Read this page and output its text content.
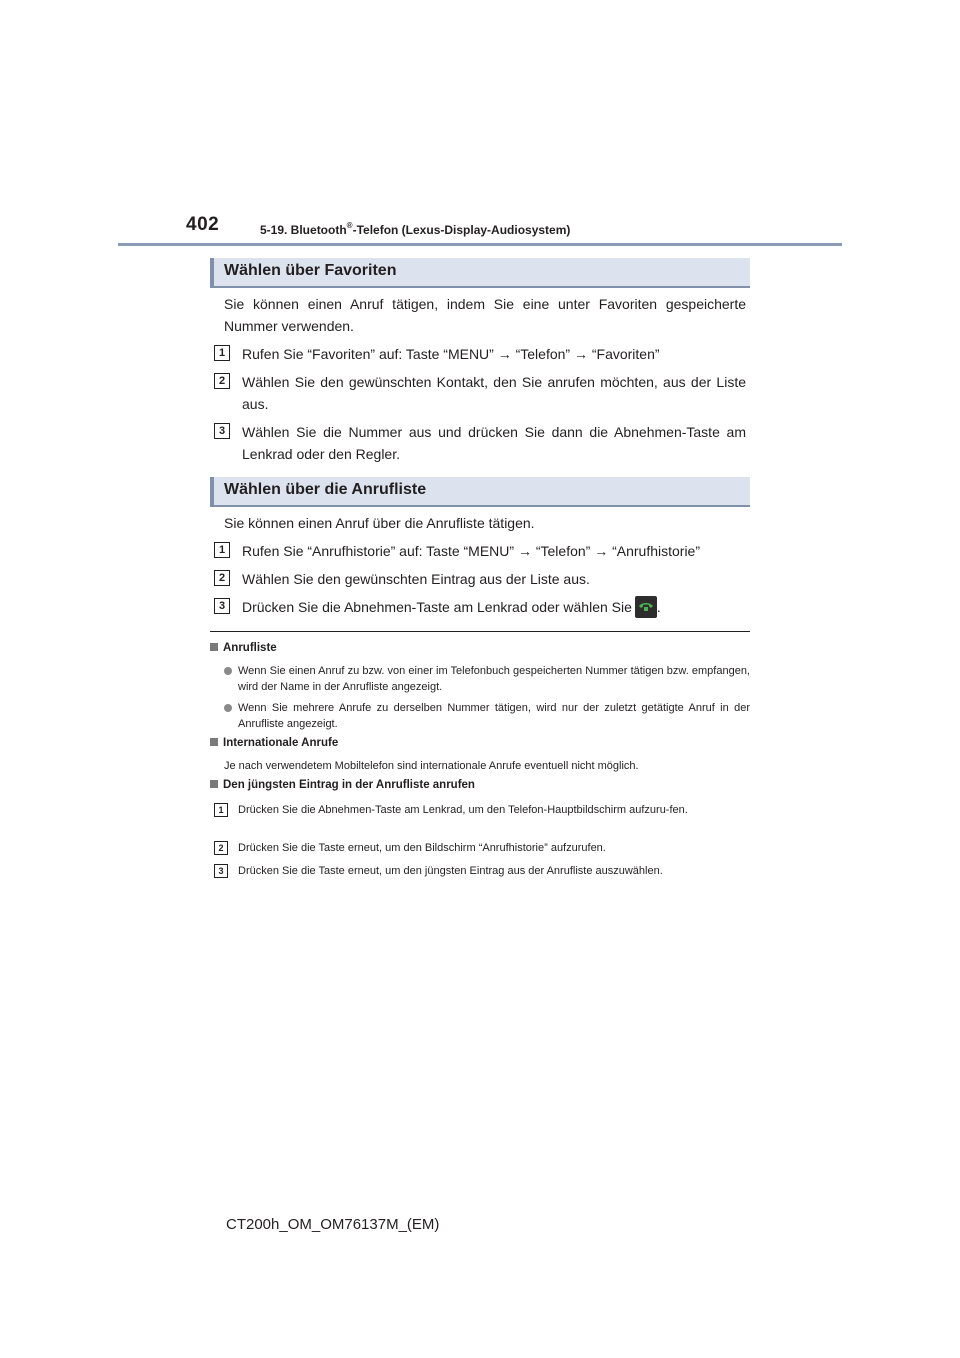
402	5-19. Bluetooth®-Telefon (Lexus-Display-Audiosystem)
Wählen über Favoriten
Sie können einen Anruf tätigen, indem Sie eine unter Favoriten gespeicherte Nummer verwenden.
1	Rufen Sie “Favoriten” auf: Taste “MENU” → “Telefon” → “Favoriten”
2	Wählen Sie den gewünschten Kontakt, den Sie anrufen möchten, aus der Liste aus.
3	Wählen Sie die Nummer aus und drücken Sie dann die Abnehmen-Taste am Lenkrad oder den Regler.
Wählen über die Anrufliste
Sie können einen Anruf über die Anrufliste tätigen.
1	Rufen Sie “Anrufhistorie” auf: Taste “MENU” → “Telefon” → “Anrufhistorie”
2	Wählen Sie den gewünschten Eintrag aus der Liste aus.
3	Drücken Sie die Abnehmen-Taste am Lenkrad oder wählen Sie .
Anrufliste
Wenn Sie einen Anruf zu bzw. von einer im Telefonbuch gespeicherten Nummer tätigen bzw. empfangen, wird der Name in der Anrufliste angezeigt.
Wenn Sie mehrere Anrufe zu derselben Nummer tätigen, wird nur der zuletzt getätigte Anruf in der Anrufliste angezeigt.
Internationale Anrufe
Je nach verwendetem Mobiltelefon sind internationale Anrufe eventuell nicht möglich.
Den jüngsten Eintrag in der Anrufliste anrufen
1	Drücken Sie die Abnehmen-Taste am Lenkrad, um den Telefon-Hauptbildschirm aufzuru-fen.
2	Drücken Sie die Taste erneut, um den Bildschirm “Anrufhistorie” aufzurufen.
3	Drücken Sie die Taste erneut, um den jüngsten Eintrag aus der Anrufliste auszuwählen.
CT200h_OM_OM76137M_(EM)
